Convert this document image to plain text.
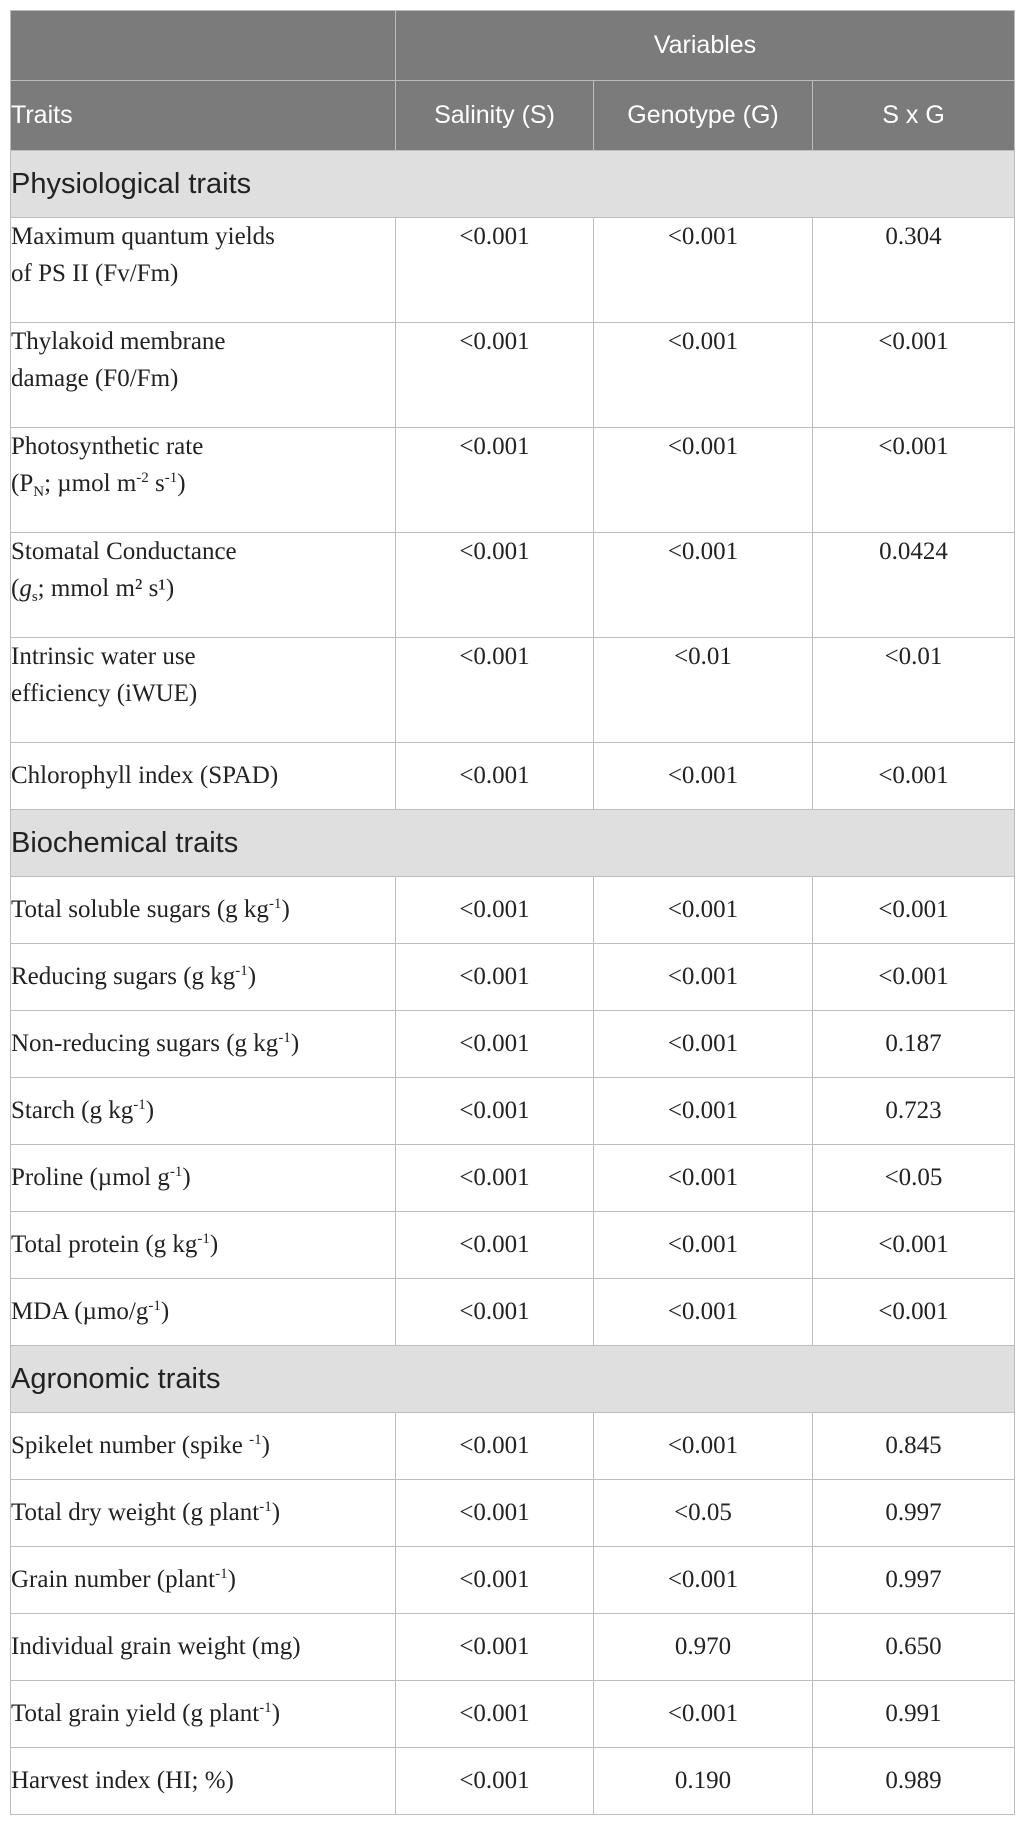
	Variables		
Traits	Salinity (S)	Genotype (G)	S x G
Physiological traits			
Maximum quantum yields
of PS II (Fv/Fm)	<0.001	<0.001	0.304
Thylakoid membrane
damage (F0/Fm)	<0.001	<0.001	<0.001
Photosynthetic rate
($P_N$; µmol $m^{-2}$ $s^{-1}$)	<0.001	<0.001	<0.001
Stomatal Conductance
($g_s$; mmol m² s¹)	<0.001	<0.001	0.0424
Intrinsic water use
efficiency (iWUE)	<0.001	<0.01	<0.01
Chlorophyll index (SPAD)	<0.001	<0.001	<0.001
Biochemical traits			
Total soluble sugars (g $kg^{-1}$)	<0.001	<0.001	<0.001
Reducing sugars (g $kg^{-1}$)	<0.001	<0.001	<0.001
Non-reducing sugars (g $kg^{-1}$)	<0.001	<0.001	0.187
Starch (g $kg^{-1}$)	<0.001	<0.001	0.723
Proline (µmol $g^{-1}$)	<0.001	<0.001	<0.05
Total protein (g $kg^{-1}$)	<0.001	<0.001	<0.001
MDA $(\mu mo/g^{-1})$	<0.001	<0.001	<0.001
Agronomic traits			
Spikelet number (spike $^{-1}$)	<0.001	<0.001	0.845
Total dry weight (g plant$^{-1}$)	<0.001	<0.05	0.997
Grain number (plant$^{-1}$)	<0.001	<0.001	0.997
Individual grain weight (mg)	<0.001	0.970	0.650
Total grain yield (g plant$^{-1}$)	<0.001	<0.001	0.991
Harvest index (HI; %)	<0.001	0.190	0.989
